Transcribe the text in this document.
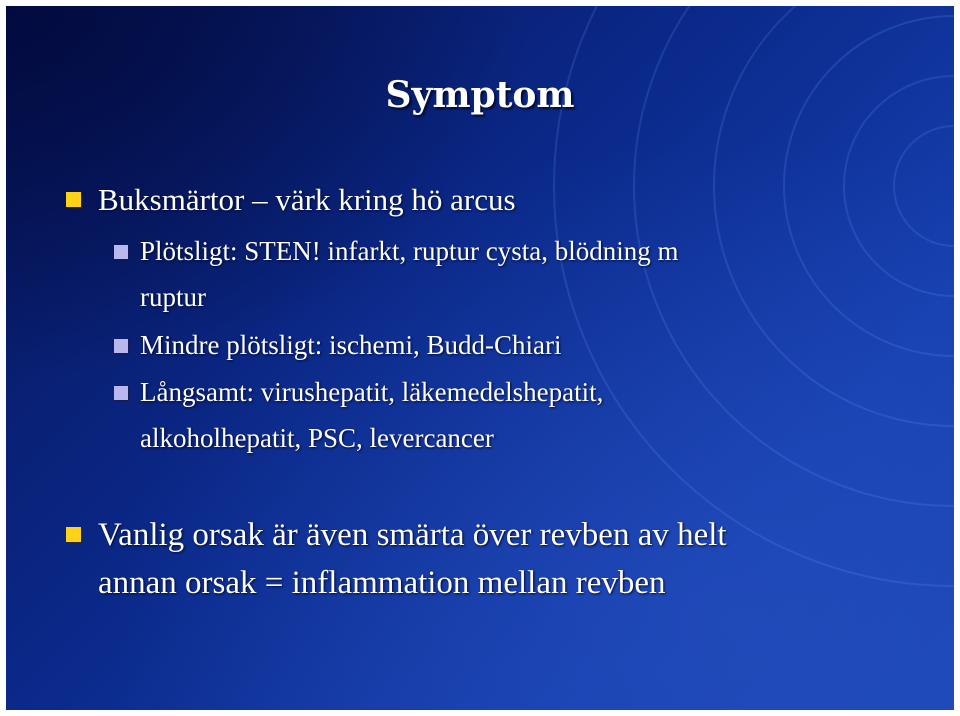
Symptom
Buksmärtor – värk kring hö arcus
Plötsligt: STEN! infarkt, ruptur cysta, blödning m
ruptur
Mindre plötsligt: ischemi, Budd-Chiari
Långsamt: virushepatit, läkemedelshepatit,
alkoholhepatit, PSC, levercancer
Vanlig orsak är även smärta över revben av helt
annan orsak = inflammation mellan revben
